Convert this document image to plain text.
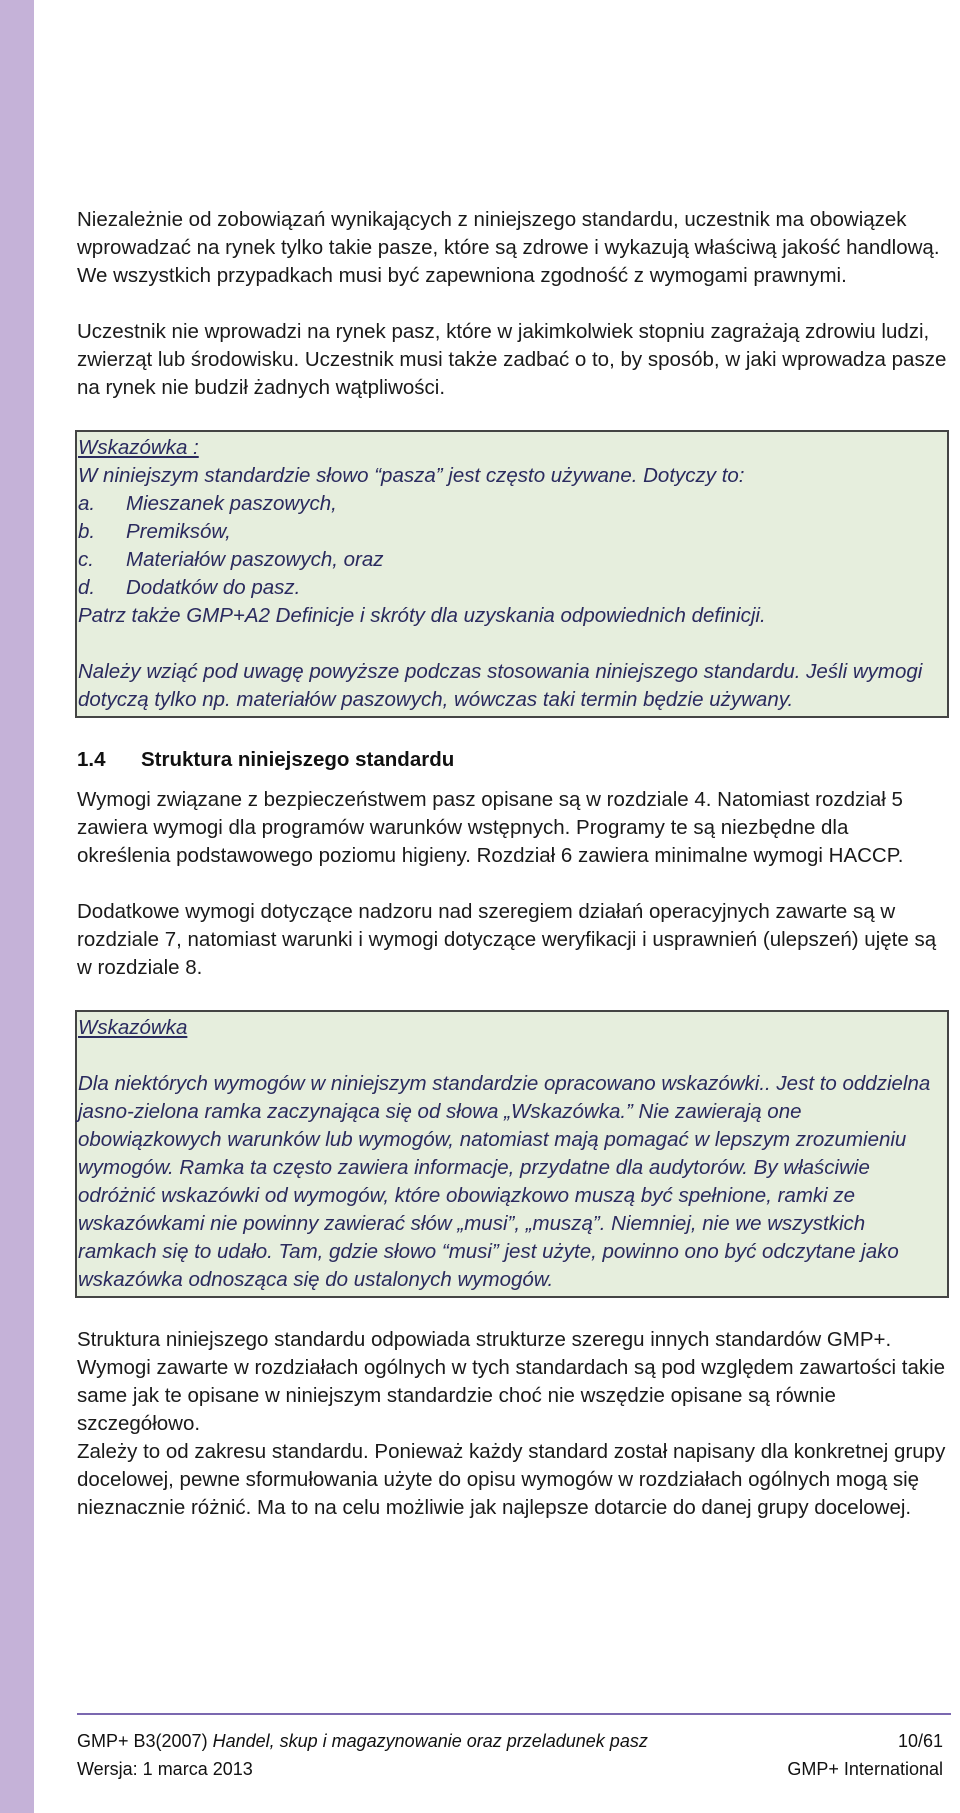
Niezależnie od zobowiązań wynikających z niniejszego standardu, uczestnik ma obowiązek wprowadzać na rynek tylko takie pasze, które są zdrowe i wykazują właściwą jakość handlową. We wszystkich przypadkach musi być zapewniona zgodność z wymogami prawnymi.

Uczestnik nie wprowadzi na rynek pasz, które w jakimkolwiek stopniu zagrażają zdrowiu ludzi, zwierząt lub środowisku. Uczestnik musi także zadbać o to, by sposób, w jaki wprowadza pasze na rynek nie budził żadnych wątpliwości.

Wskazówka :

W niniejszym standardzie słowo “pasza” jest często używane. Dotyczy to:

a.	Mieszanek paszowych,
b.	Premiksów,
c.	Materiałów paszowych, oraz
d.	Dodatków do pasz.

Patrz także GMP+A2 Definicje i skróty dla uzyskania odpowiednich definicji.

Należy wziąć pod uwagę powyższe podczas stosowania niniejszego standardu. Jeśli wymogi dotyczą tylko np. materiałów paszowych, wówczas taki termin będzie używany.

1.4	Struktura niniejszego standardu

Wymogi związane z bezpieczeństwem pasz opisane są w rozdziale 4. Natomiast rozdział 5 zawiera wymogi dla programów warunków wstępnych. Programy te są niezbędne dla określenia podstawowego poziomu higieny. Rozdział 6 zawiera minimalne wymogi HACCP.

Dodatkowe wymogi dotyczące nadzoru nad szeregiem działań operacyjnych zawarte są w rozdziale 7, natomiast warunki i wymogi dotyczące weryfikacji i usprawnień (ulepszeń) ujęte są w rozdziale 8.

Wskazówka

Dla niektórych wymogów w niniejszym standardzie opracowano wskazówki.. Jest to oddzielna jasno-zielona ramka zaczynająca się od słowa „Wskazówka.” Nie zawierają one obowiązkowych warunków lub wymogów, natomiast mają pomagać w lepszym zrozumieniu wymogów. Ramka ta często zawiera informacje, przydatne dla audytorów. By właściwie odróżnić wskazówki od wymogów, które obowiązkowo muszą być spełnione, ramki ze wskazówkami nie powinny zawierać słów „musi”, „muszą”. Niemniej, nie we wszystkich ramkach się to udało. Tam, gdzie słowo “musi” jest użyte, powinno ono być odczytane jako wskazówka odnosząca się do ustalonych wymogów.

Struktura niniejszego standardu odpowiada strukturze szeregu innych standardów GMP+. Wymogi zawarte w rozdziałach ogólnych w tych standardach są pod względem zawartości takie same jak te opisane w niniejszym standardzie choć nie wszędzie opisane są równie szczegółowo.

Zależy to od zakresu standardu. Ponieważ każdy standard został napisany dla konkretnej grupy docelowej, pewne sformułowania użyte do opisu wymogów w rozdziałach ogólnych mogą się nieznacznie różnić. Ma to na celu możliwie jak najlepsze dotarcie do danej grupy docelowej.

GMP+ B3(2007) Handel, skup i magazynowanie oraz przeladunek pasz	10/61
Wersja: 1 marca 2013	GMP+ International
